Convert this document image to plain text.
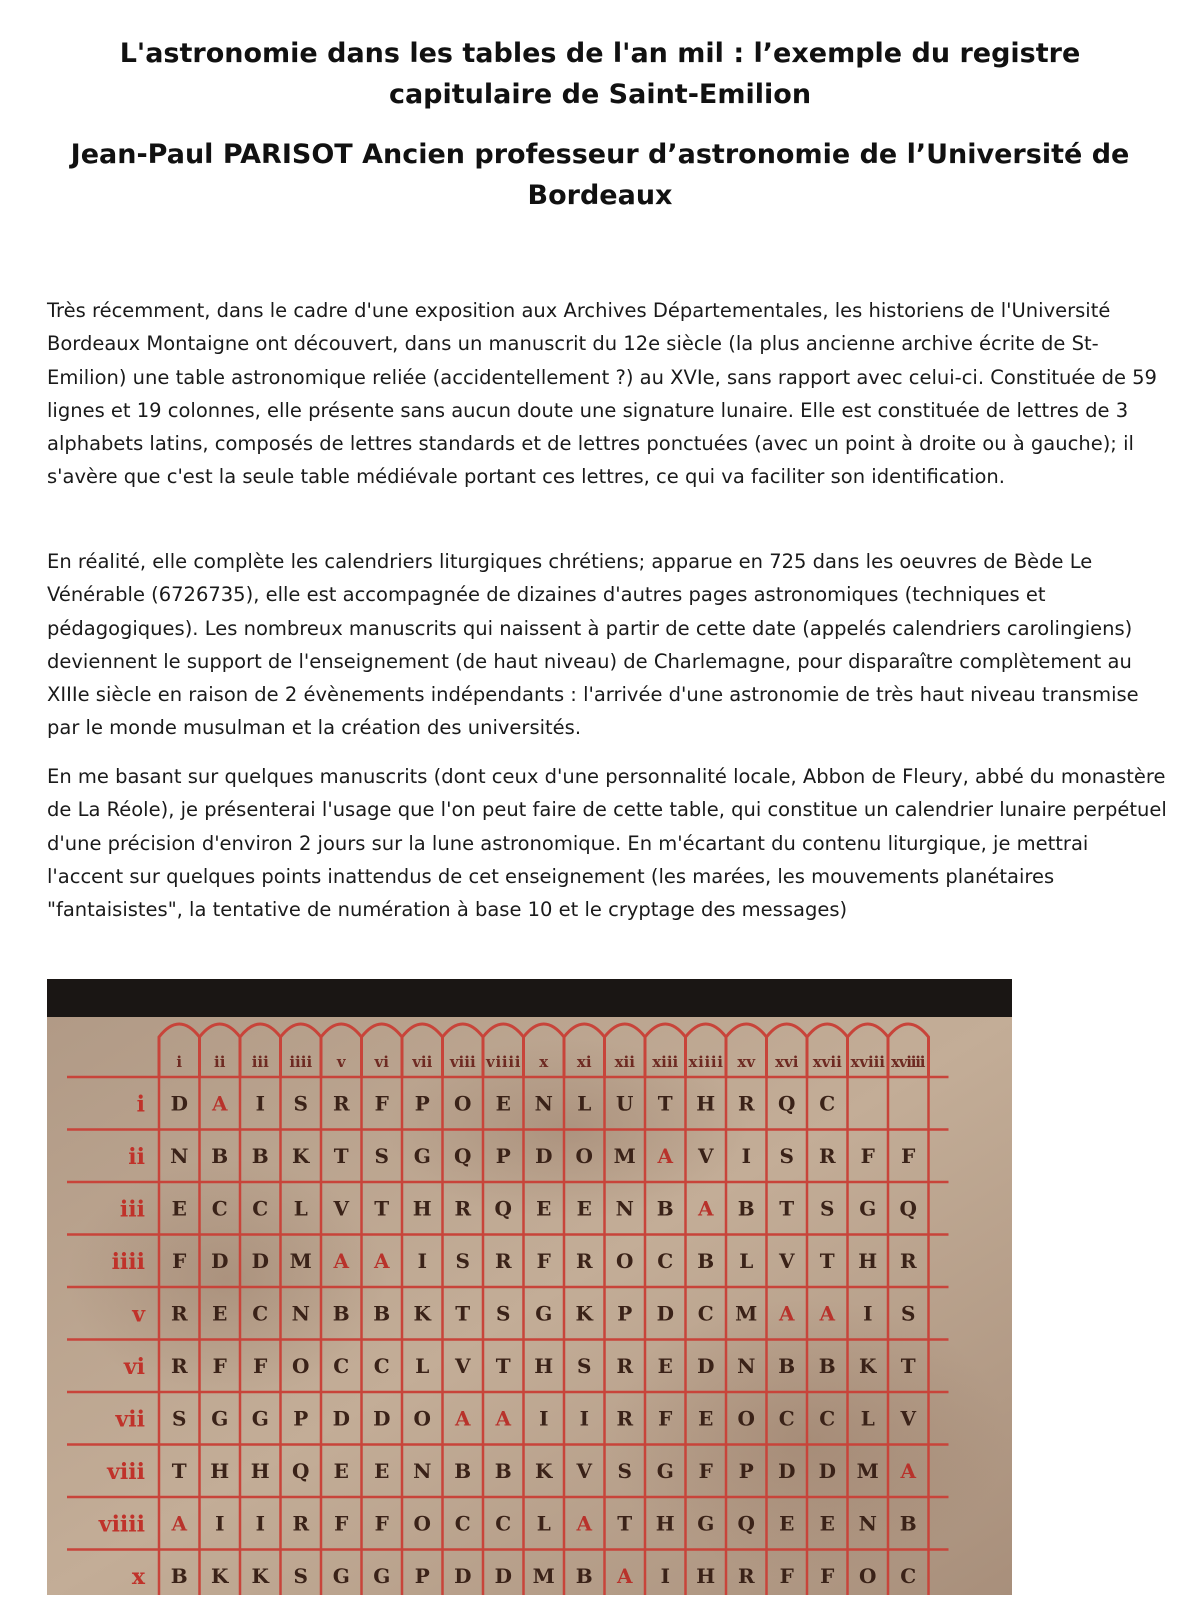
L'astronomie dans les tables de l'an mil : l’exemple du registre capitulaire de Saint-Emilion
Jean-Paul PARISOT Ancien professeur d’astronomie de l’Université de Bordeaux

Très récemment, dans le cadre d'une exposition aux Archives Départementales, les historiens de l'Université Bordeaux Montaigne ont découvert, dans un manuscrit du 12e siècle (la plus ancienne archive écrite de St-Emilion) une table astronomique reliée (accidentellement ?) au XVIe, sans rapport avec celui-ci. Constituée de 59 lignes et 19 colonnes, elle présente sans aucun doute une signature lunaire. Elle est constituée de lettres de 3 alphabets latins, composés de lettres standards et de lettres ponctuées (avec un point à droite ou à gauche); il s'avère que c'est la seule table médiévale portant ces lettres, ce qui va faciliter son identification.

En réalité, elle complète les calendriers liturgiques chrétiens; apparue en 725 dans les oeuvres de Bède Le Vénérable (6726735), elle est accompagnée de dizaines d'autres pages astronomiques (techniques et pédagogiques). Les nombreux manuscrits qui naissent à partir de cette date (appelés calendriers carolingiens) deviennent le support de l'enseignement (de haut niveau) de Charlemagne, pour disparaître complètement au XIIIe siècle en raison de 2 évènements indépendants : l'arrivée d'une astronomie de très haut niveau transmise par le monde musulman et la création des universités.

En me basant sur quelques manuscrits (dont ceux d'une personnalité locale, Abbon de Fleury, abbé du monastère de La Réole), je présenterai l'usage que l'on peut faire de cette table, qui constitue un calendrier lunaire perpétuel d'une précision d'environ 2 jours sur la lune astronomique. En m'écartant du contenu liturgique, je mettrai l'accent sur quelques points inattendus de cet enseignement (les marées, les mouvements planétaires "fantaisistes", la tentative de numération à base 10 et le cryptage des messages)

i ii iii iiii v vi vii viii viiii x xi xii xiii xiiii xv xvi xvii xviii xviiii
i
ii
iii
iiii
v
vi
vii
viii
viiii
x
D A I S R F P O E N L U T H R Q C
N B B K T S G Q P D O M A V I S R F F
E C C L V T H R Q E E N B A B T S G Q
F D D M A A I S R F R O C B L V T H R
R E C N B B K T S G K P D C M A A I S
R F F O C C L V T H S R E D N B B K T
S G G P D D O A A I I R F E O C C L V
T H H Q E E N B B K V S G F P D D M A
A I I R F F O C C L A T H G Q E E N B
B K K S G G P D D M B A I H R F F O C
